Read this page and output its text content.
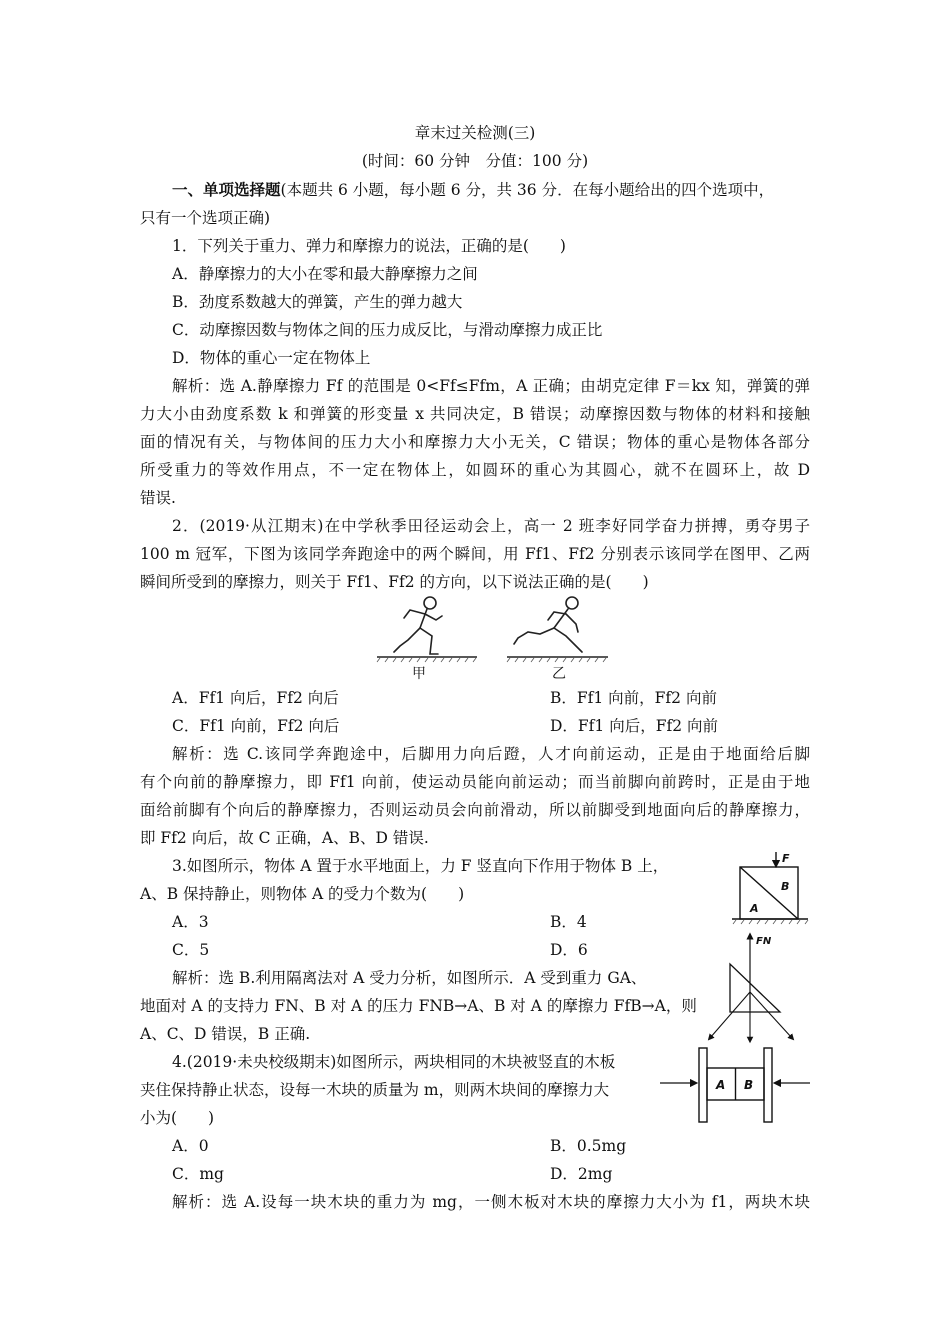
章末过关检测(三)
(时间：60 分钟　分值：100 分)
一、单项选择题(本题共 6 小题，每小题 6 分，共 36 分．在每小题给出的四个选项中，
只有一个选项正确)
1．下列关于重力、弹力和摩擦力的说法，正确的是(　　)
A．静摩擦力的大小在零和最大静摩擦力之间
B．劲度系数越大的弹簧，产生的弹力越大
C．动摩擦因数与物体之间的压力成反比，与滑动摩擦力成正比
D．物体的重心一定在物体上
解析：选 A.静摩擦力 Ff 的范围是 0<Ff≤Ffm，A 正确；由胡克定律 F＝kx 知，弹簧的弹
力大小由劲度系数 k 和弹簧的形变量 x 共同决定，B 错误；动摩擦因数与物体的材料和接触
面的情况有关，与物体间的压力大小和摩擦力大小无关，C 错误；物体的重心是物体各部分
所受重力的等效作用点，不一定在物体上，如圆环的重心为其圆心，就不在圆环上，故 D
错误.
2．(2019·从江期末)在中学秋季田径运动会上，高一 2 班李好同学奋力拼搏，勇夺男子
100 m 冠军，下图为该同学奔跑途中的两个瞬间，用 Ff1、Ff2 分别表示该同学在图甲、乙两
瞬间所受到的摩擦力，则关于 Ff1、Ff2 的方向，以下说法正确的是(　　)
甲	乙
A．Ff1 向后，Ff2 向后	B．Ff1 向前，Ff2 向前
C．Ff1 向前，Ff2 向后	D．Ff1 向后，Ff2 向前
解析：选 C.该同学奔跑途中，后脚用力向后蹬，人才向前运动，正是由于地面给后脚
有个向前的静摩擦力，即 Ff1 向前，使运动员能向前运动；而当前脚向前跨时，正是由于地
面给前脚有个向后的静摩擦力，否则运动员会向前滑动，所以前脚受到地面向后的静摩擦力，
即 Ff2 向后，故 C 正确，A、B、D 错误.
3.如图所示，物体 A 置于水平地面上，力 F 竖直向下作用于物体 B 上，
A、B 保持静止，则物体 A 的受力个数为(　　)
A．3	B．4
C．5	D．6
解析：选 B.利用隔离法对 A 受力分析，如图所示．A 受到重力 GA、
地面对 A 的支持力 FN、B 对 A 的压力 FNB→A、B 对 A 的摩擦力 FfB→A，则
A、C、D 错误，B 正确.
F
B
A
FN
4.(2019·未央校级期末)如图所示，两块相同的木块被竖直的木板
夹住保持静止状态，设每一木块的质量为 m，则两木块间的摩擦力大
小为(　　)
A．0	B．0.5mg
C．mg	D．2mg
解析：选 A.设每一块木块的重力为 mg，一侧木板对木块的摩擦力大小为 f1，两块木块
A B
